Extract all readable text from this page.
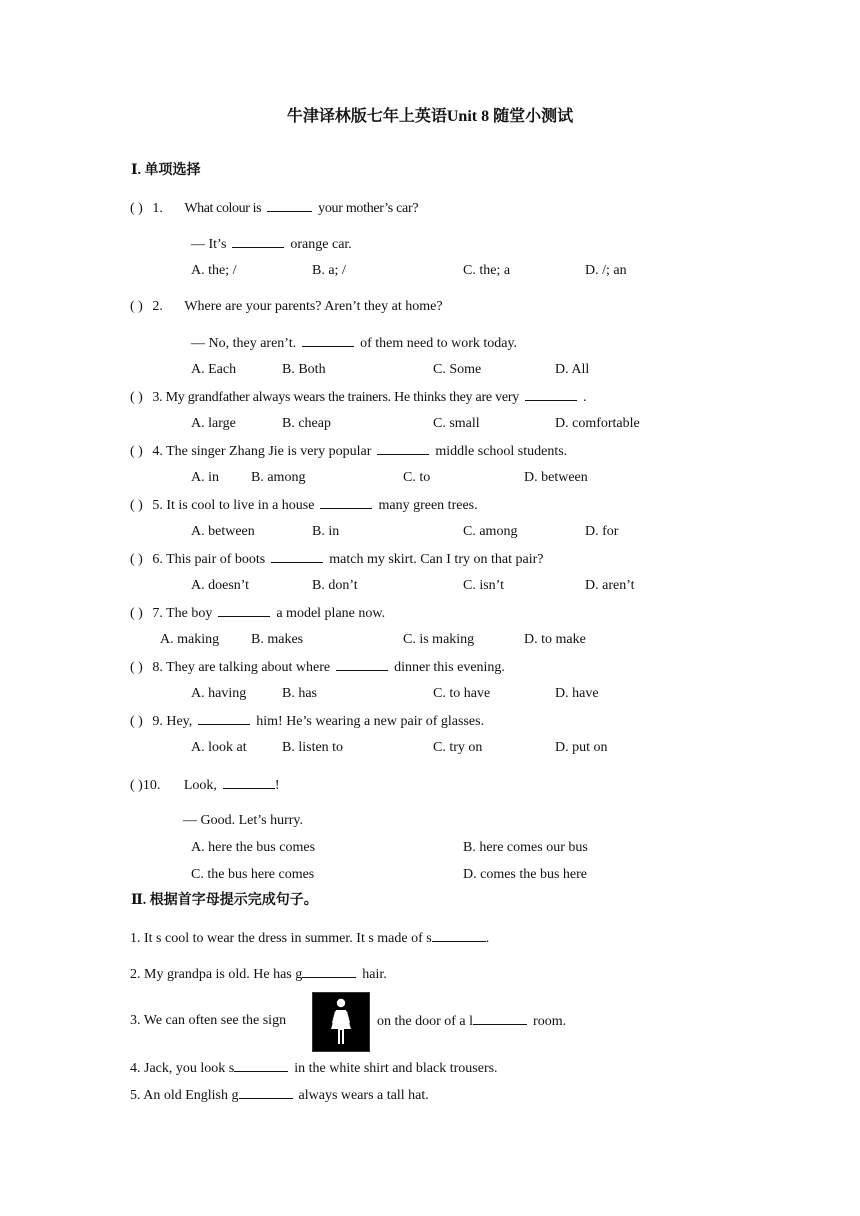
牛津译林版七年上英语Unit 8 随堂小测试
Ⅰ. 单项选择
( ) 1. What colour is	your mother’s car?
— It’s	orange car.
A. the; /	B. a; /	C. the; a	D. /; an
( ) 2. Where are your parents? Aren’t they at home?
— No, they aren’t.	of them need to work today.
A. Each	B. Both	C. Some	D. All
( ) 3. My grandfather always wears the trainers. He thinks they are very	.
A. large	B. cheap	C. small	D. comfortable
( ) 4. The singer Zhang Jie is very popular	middle school students.
A. in B. among	C. to	D. between
( ) 5. It is cool to live in a house	many green trees.
A. between	B. in	C. among	D. for
( ) 6. This pair of boots	match my skirt. Can I try on that pair?
A. doesn’t	B. don’t	C. isn’t	D. aren’t
( ) 7. The boy	a model plane now.
A. making B. makes	C. is making	D. to make
( ) 8. They are talking about where	dinner this evening.
A. having	B. has	C. to have	D. have
( ) 9. Hey,	him! He’s wearing a new pair of glasses.
A. look at	B. listen to	C. try on	D. put on
( )10. Look,	!
— Good. Let’s hurry.
A. here the bus comes	B. here comes our bus
C. the bus here comes	D. comes the bus here
Ⅱ. 根据首字母提示完成句子。
1. It s cool to wear the dress in summer. It s made of s	.
2. My grandpa is old. He has g	hair.
3. We can often see the sign	on the door of a l	room.
4. Jack, you look s	in the white shirt and black trousers.
5. An old English g	always wears a tall hat.
